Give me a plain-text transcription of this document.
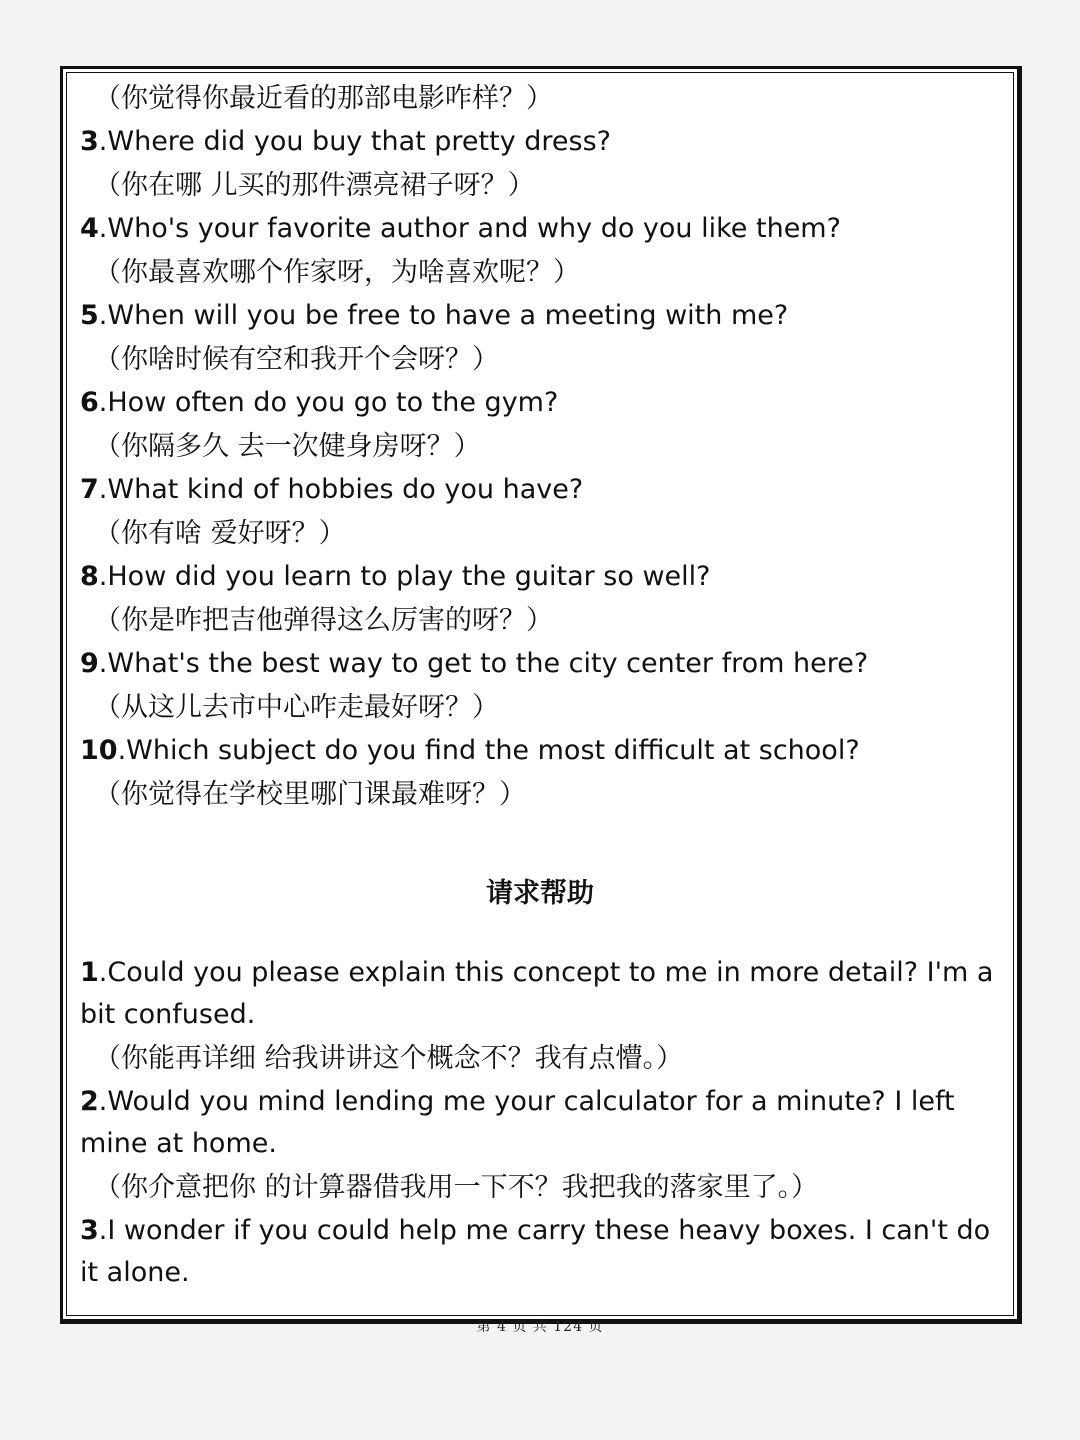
（你觉得你最近看的那部电影咋样？）
3.Where did you buy that pretty dress?
（你在哪 儿买的那件漂亮裙子呀？）
4.Who's your favorite author and why do you like them?
（你最喜欢哪个作家呀，为啥喜欢呢？）
5.When will you be free to have a meeting with me?
（你啥时候有空和我开个会呀？）
6.How often do you go to the gym?
（你隔多久 去一次健身房呀？）
7.What kind of hobbies do you have?
（你有啥 爱好呀？）
8.How did you learn to play the guitar so well?
（你是咋把吉他弹得这么厉害的呀？）
9.What's the best way to get to the city center from here?
（从这儿去市中心咋走最好呀？）
10.Which subject do you find the most difficult at school?
（你觉得在学校里哪门课最难呀？）
请求帮助
1.Could you please explain this concept to me in more detail? I'm a bit confused.
（你能再详细 给我讲讲这个概念不？我有点懵。）
2.Would you mind lending me your calculator for a minute? I left mine at home.
（你介意把你 的计算器借我用一下不？我把我的落家里了。）
3.I wonder if you could help me carry these heavy boxes. I can't do it alone.
第 4 页 共 124 页
